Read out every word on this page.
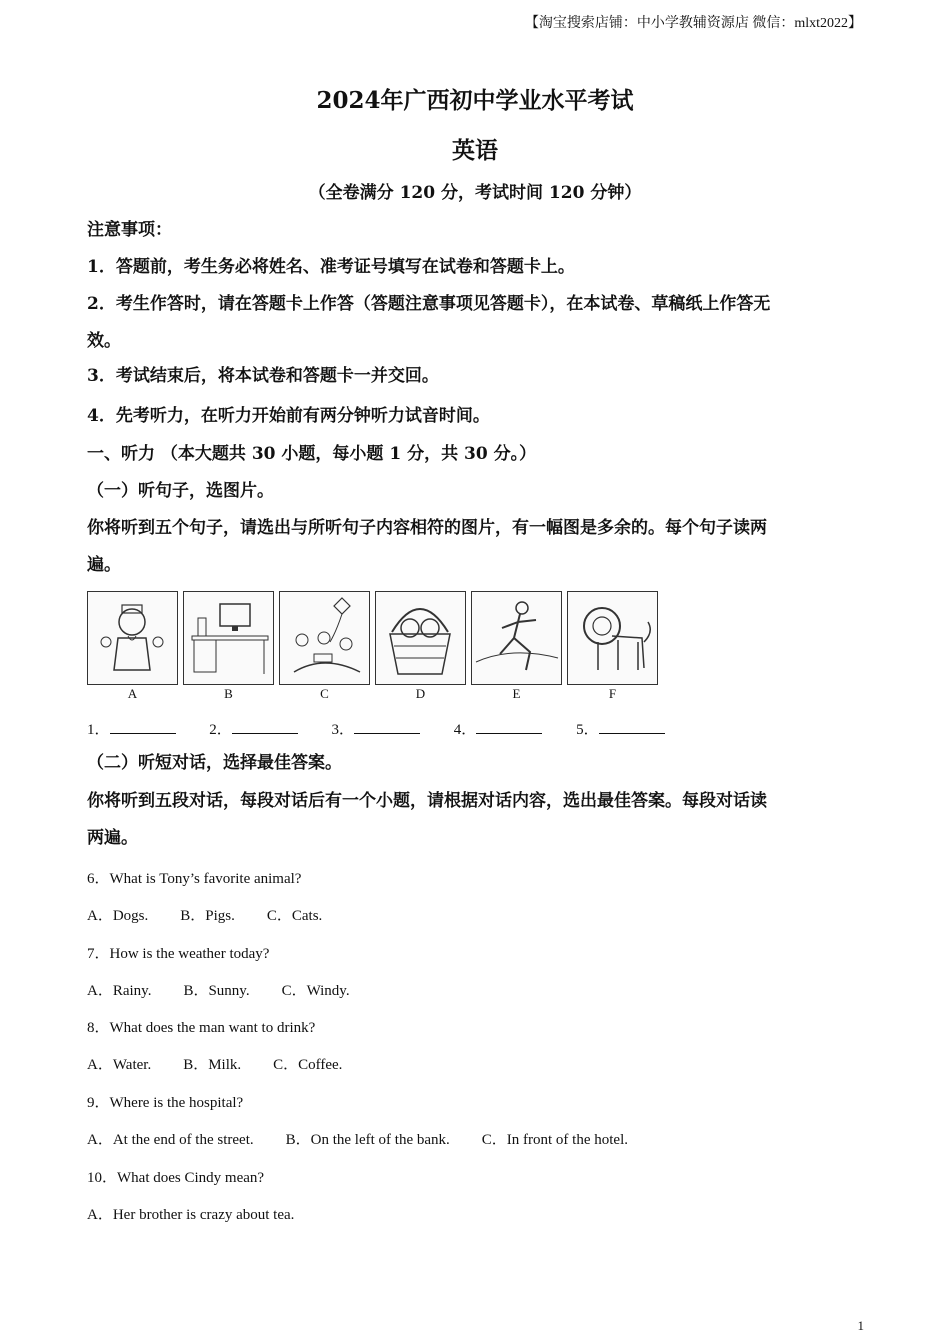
【淘宝搜索店铺：中小学教辅资源店 微信：mlxt2022】
2024年广西初中学业水平考试
英语
（全卷满分 120 分，考试时间 120 分钟）
注意事项：
1．答题前，考生务必将姓名、准考证号填写在试卷和答题卡上。
2．考生作答时，请在答题卡上作答（答题注意事项见答题卡），在本试卷、草稿纸上作答无
效。
3．考试结束后，将本试卷和答题卡一并交回。
4．先考听力，在听力开始前有两分钟听力试音时间。
一、听力 （本大题共 30 小题，每小题 1 分，共 30 分。）
（一）听句子，选图片。
你将听到五个句子，请选出与所听句子内容相符的图片，有一幅图是多余的。每个句子读两
遍。
A	B	C	D	E	F
1．	2．	3．	4．	5．
（二）听短对话，选择最佳答案。
你将听到五段对话，每段对话后有一个小题，请根据对话内容，选出最佳答案。每段对话读
两遍。
6．What is Tony’s favorite animal?
A．Dogs. B．Pigs. C．Cats.
7．How is the weather today?
A．Rainy. B．Sunny. C．Windy.
8．What does the man want to drink?
A．Water. B．Milk. C．Coffee.
9．Where is the hospital?
A．At the end of the street. B．On the left of the bank. C．In front of the hotel.
10．What does Cindy mean?
A．Her brother is crazy about tea.
1
